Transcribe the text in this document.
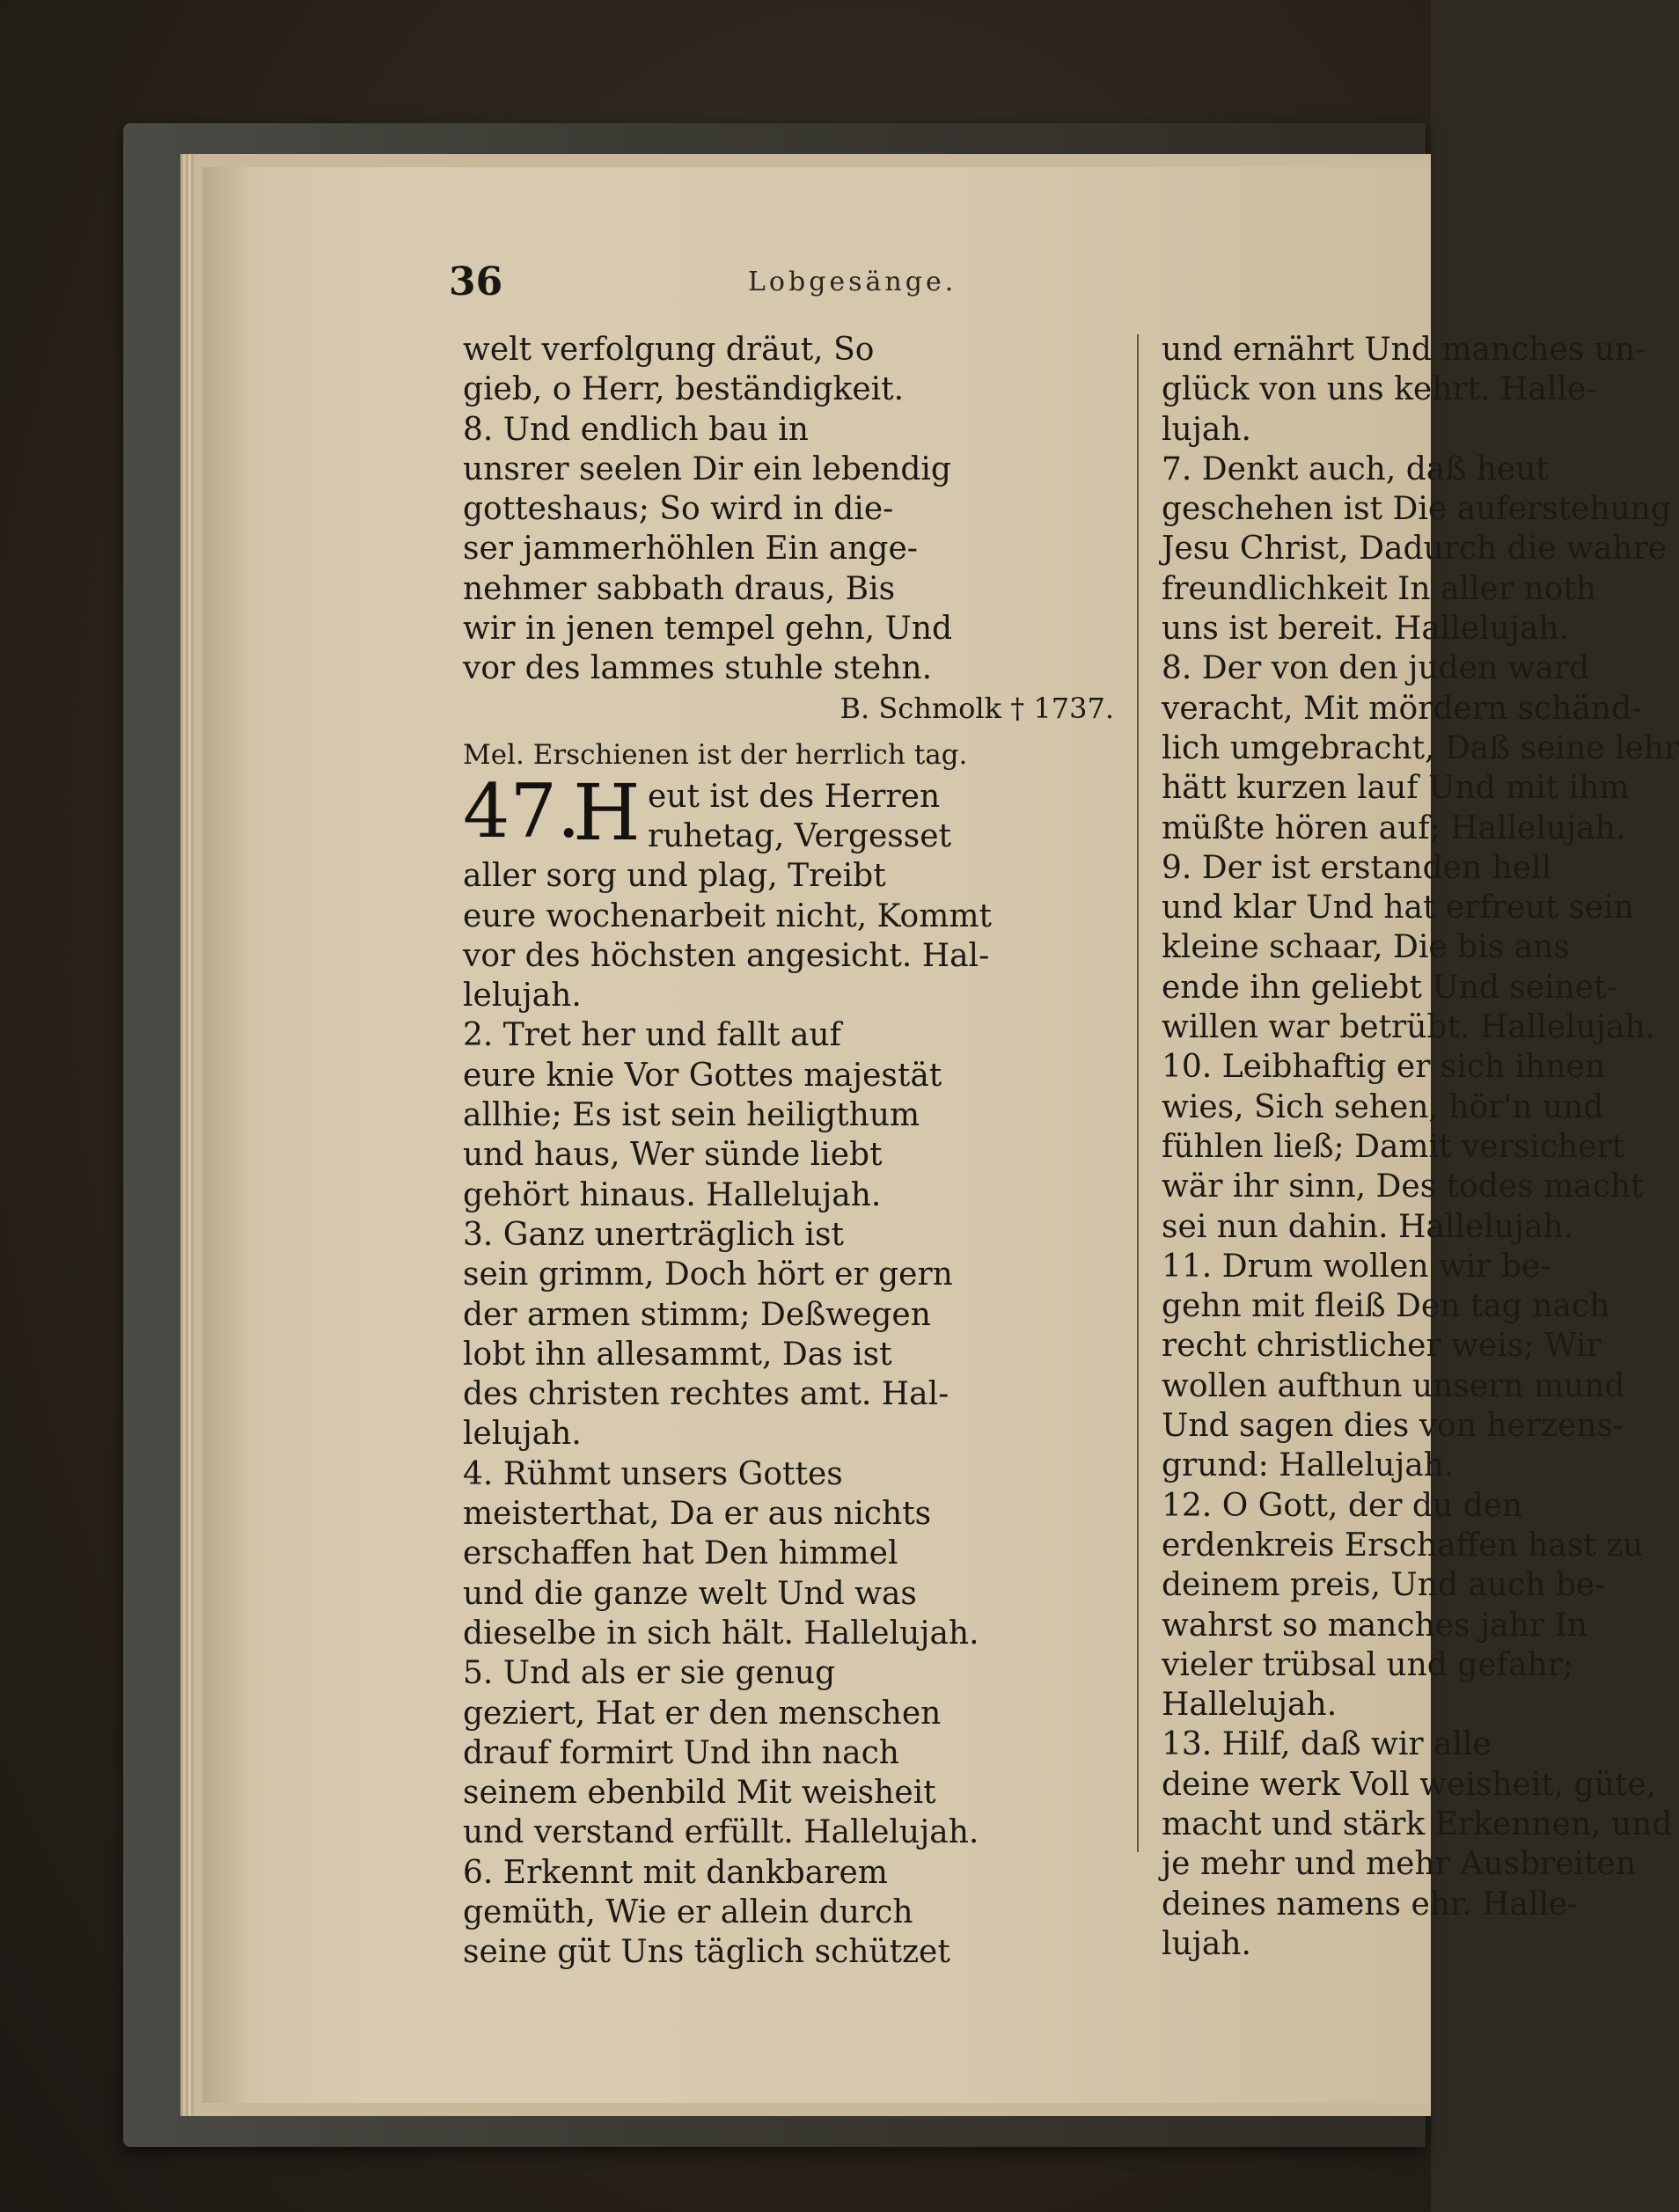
36	Lobgesänge.
welt verfolgung dräut, So
gieb, o Herr, beständigkeit.
8. Und endlich bau in
unsrer seelen Dir ein lebendig
gotteshaus; So wird in die-
ser jammerhöhlen Ein ange-
nehmer sabbath draus, Bis
wir in jenen tempel gehn, Und
vor des lammes stuhle stehn.
B. Schmolk † 1737.
Mel. Erschienen ist der herrlich tag.
47.
H eut ist des Herren
ruhetag, Vergesset
aller sorg und plag, Treibt
eure wochenarbeit nicht, Kommt
vor des höchsten angesicht. Hal-
lelujah.
2. Tret her und fallt auf
eure knie Vor Gottes majestät
allhie; Es ist sein heiligthum
und haus, Wer sünde liebt
gehört hinaus. Hallelujah.
3. Ganz unerträglich ist
sein grimm, Doch hört er gern
der armen stimm; Deßwegen
lobt ihn allesammt, Das ist
des christen rechtes amt. Hal-
lelujah.
4. Rühmt unsers Gottes
meisterthat, Da er aus nichts
erschaffen hat Den himmel
und die ganze welt Und was
dieselbe in sich hält. Hallelujah.
5. Und als er sie genug
geziert, Hat er den menschen
drauf formirt Und ihn nach
seinem ebenbild Mit weisheit
und verstand erfüllt. Hallelujah.
6. Erkennt mit dankbarem
gemüth, Wie er allein durch
seine güt Uns täglich schützet
und ernährt Und manches un-
glück von uns kehrt. Halle-
lujah.
7. Denkt auch, daß heut
geschehen ist Die auferstehung
Jesu Christ, Dadurch die wahre
freundlichkeit In aller noth
uns ist bereit. Hallelujah.
8. Der von den juden ward
veracht, Mit mördern schänd-
lich umgebracht, Daß seine lehr
hätt kurzen lauf Und mit ihm
müßte hören auf; Hallelujah.
9. Der ist erstanden hell
und klar Und hat erfreut sein
kleine schaar, Die bis ans
ende ihn geliebt Und seinet-
willen war betrübt. Hallelujah.
10. Leibhaftig er sich ihnen
wies, Sich sehen, hör'n und
fühlen ließ; Damit versichert
wär ihr sinn, Des todes macht
sei nun dahin. Hallelujah.
11. Drum wollen wir be-
gehn mit fleiß Den tag nach
recht christlicher weis; Wir
wollen aufthun unsern mund
Und sagen dies von herzens-
grund: Hallelujah.
12. O Gott, der du den
erdenkreis Erschaffen hast zu
deinem preis, Und auch be-
wahrst so manches jahr In
vieler trübsal und gefahr;
Hallelujah.
13. Hilf, daß wir alle
deine werk Voll weisheit, güte,
macht und stärk Erkennen, und
je mehr und mehr Ausbreiten
deines namens ehr. Halle-
lujah.
